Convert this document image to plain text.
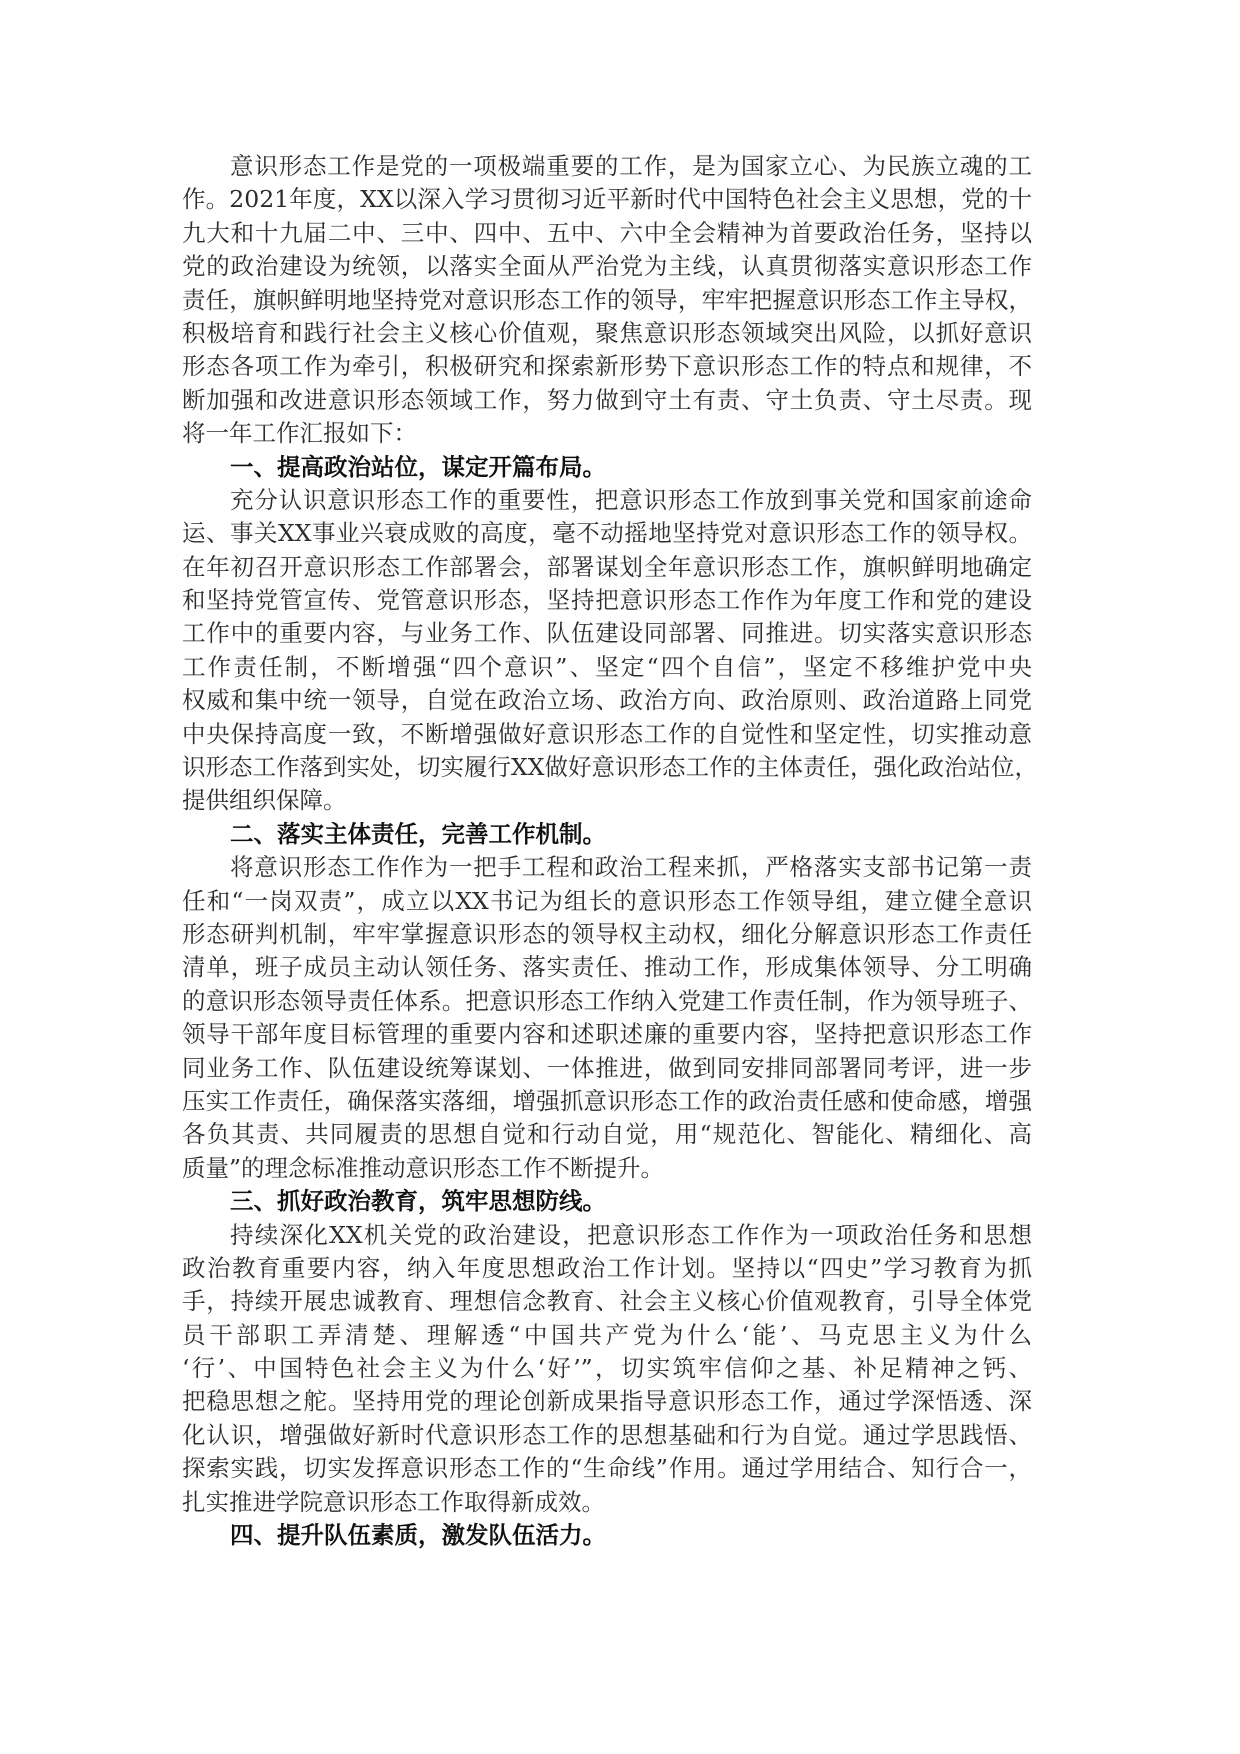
意识形态工作是党的一项极端重要的工作，是为国家立心、为民族立魂的工
作。2021年度，XX以深入学习贯彻习近平新时代中国特色社会主义思想，党的十
九大和十九届二中、三中、四中、五中、六中全会精神为首要政治任务，坚持以
党的政治建设为统领，以落实全面从严治党为主线，认真贯彻落实意识形态工作
责任，旗帜鲜明地坚持党对意识形态工作的领导，牢牢把握意识形态工作主导权，
积极培育和践行社会主义核心价值观，聚焦意识形态领域突出风险，以抓好意识
形态各项工作为牵引，积极研究和探索新形势下意识形态工作的特点和规律，不
断加强和改进意识形态领域工作，努力做到守土有责、守土负责、守土尽责。现
将一年工作汇报如下：
一、提高政治站位，谋定开篇布局。
充分认识意识形态工作的重要性，把意识形态工作放到事关党和国家前途命
运、事关XX事业兴衰成败的高度，毫不动摇地坚持党对意识形态工作的领导权。
在年初召开意识形态工作部署会，部署谋划全年意识形态工作，旗帜鲜明地确定
和坚持党管宣传、党管意识形态，坚持把意识形态工作作为年度工作和党的建设
工作中的重要内容，与业务工作、队伍建设同部署、同推进。切实落实意识形态
工作责任制，不断增强“四个意识”、坚定“四个自信”，坚定不移维护党中央
权威和集中统一领导，自觉在政治立场、政治方向、政治原则、政治道路上同党
中央保持高度一致，不断增强做好意识形态工作的自觉性和坚定性，切实推动意
识形态工作落到实处，切实履行XX做好意识形态工作的主体责任，强化政治站位，
提供组织保障。
二、落实主体责任，完善工作机制。
将意识形态工作作为一把手工程和政治工程来抓，严格落实支部书记第一责
任和“一岗双责”，成立以XX书记为组长的意识形态工作领导组，建立健全意识
形态研判机制，牢牢掌握意识形态的领导权主动权，细化分解意识形态工作责任
清单，班子成员主动认领任务、落实责任、推动工作，形成集体领导、分工明确
的意识形态领导责任体系。把意识形态工作纳入党建工作责任制，作为领导班子、
领导干部年度目标管理的重要内容和述职述廉的重要内容，坚持把意识形态工作
同业务工作、队伍建设统筹谋划、一体推进，做到同安排同部署同考评，进一步
压实工作责任，确保落实落细，增强抓意识形态工作的政治责任感和使命感，增强
各负其责、共同履责的思想自觉和行动自觉，用“规范化、智能化、精细化、高
质量”的理念标准推动意识形态工作不断提升。
三、抓好政治教育，筑牢思想防线。
持续深化XX机关党的政治建设，把意识形态工作作为一项政治任务和思想
政治教育重要内容，纳入年度思想政治工作计划。坚持以“四史”学习教育为抓
手，持续开展忠诚教育、理想信念教育、社会主义核心价值观教育，引导全体党
员干部职工弄清楚、理解透“中国共产党为什么‘能’、马克思主义为什么
‘行’、中国特色社会主义为什么‘好’”，切实筑牢信仰之基、补足精神之钙、
把稳思想之舵。坚持用党的理论创新成果指导意识形态工作，通过学深悟透、深
化认识，增强做好新时代意识形态工作的思想基础和行为自觉。通过学思践悟、
探索实践，切实发挥意识形态工作的“生命线”作用。通过学用结合、知行合一，
扎实推进学院意识形态工作取得新成效。
四、提升队伍素质，激发队伍活力。
